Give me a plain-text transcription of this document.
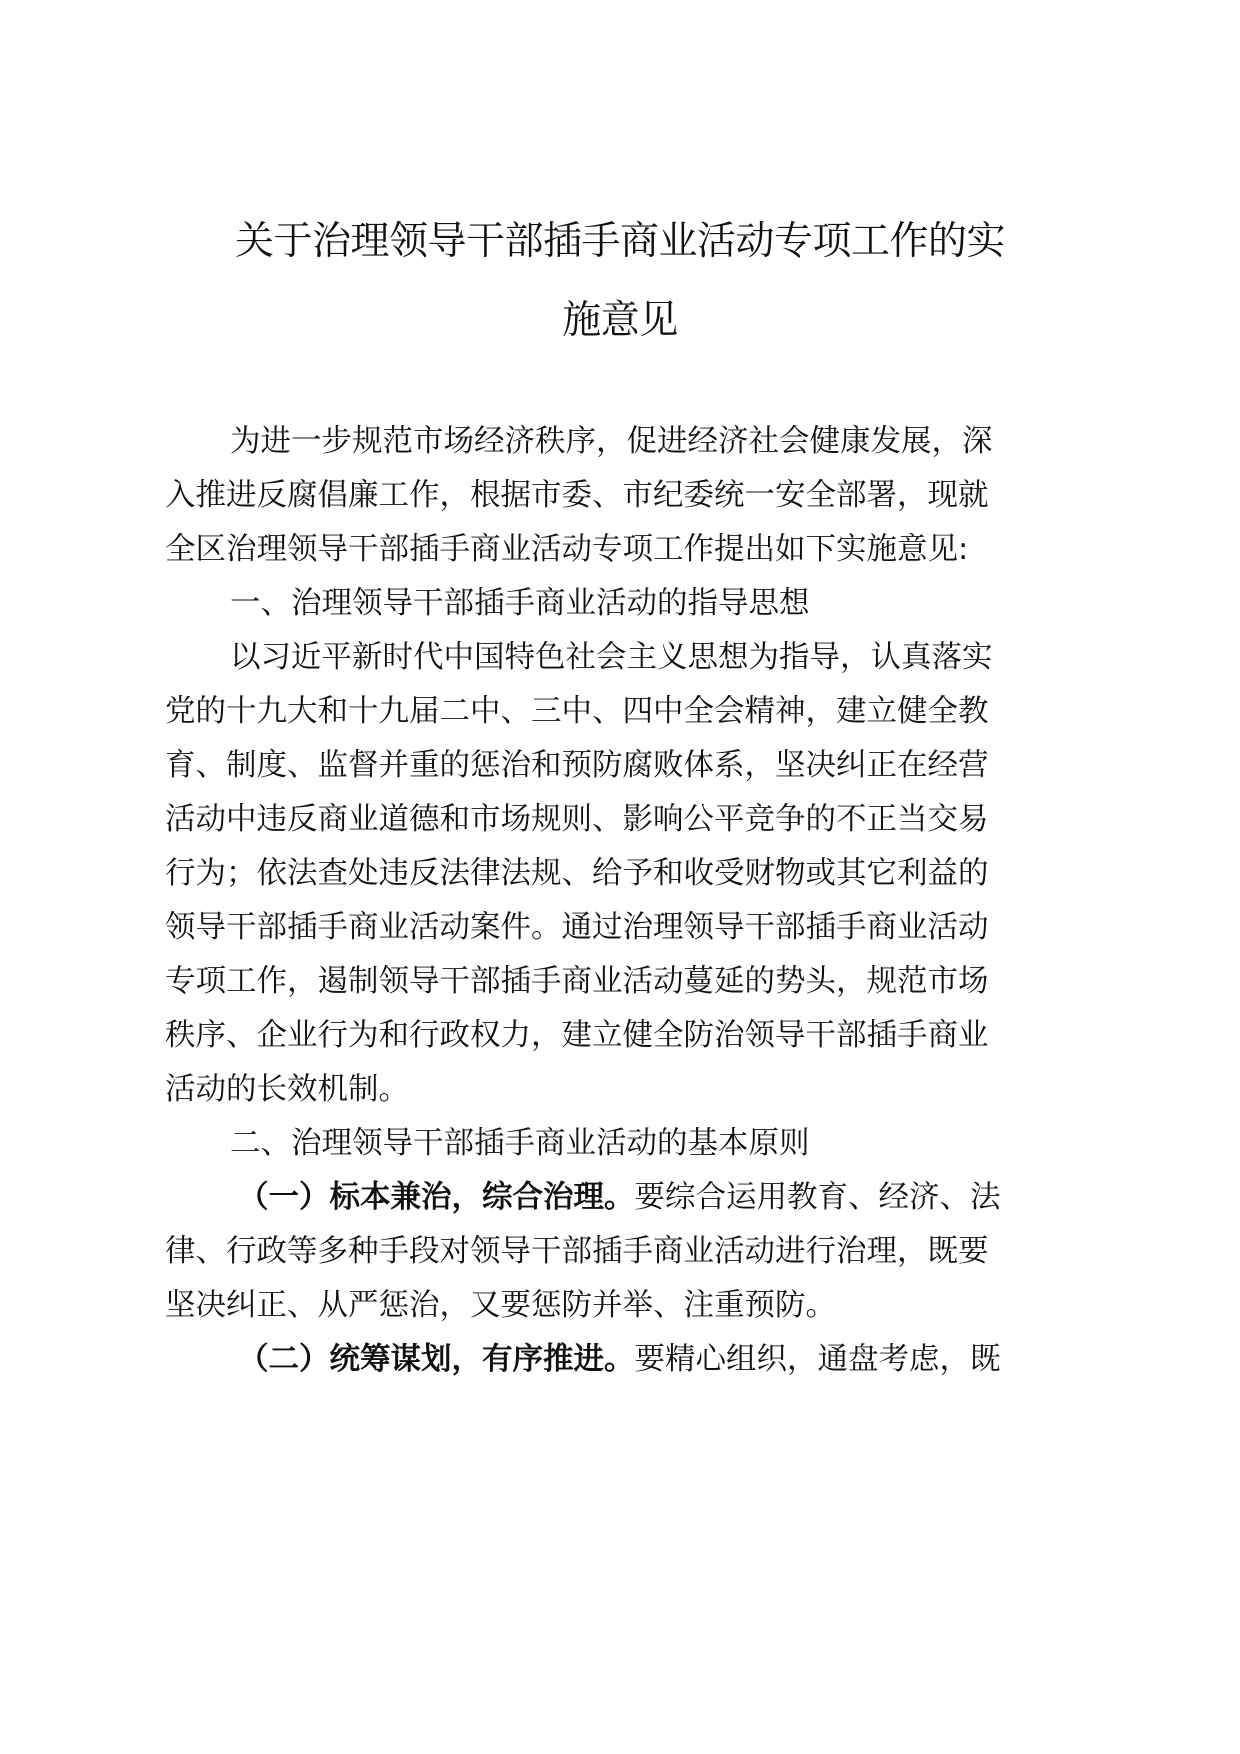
关于治理领导干部插手商业活动专项工作的实
施意见
为进一步规范市场经济秩序，促进经济社会健康发展，深
入推进反腐倡廉工作，根据市委、市纪委统一安全部署，现就
全区治理领导干部插手商业活动专项工作提出如下实施意见:
一、治理领导干部插手商业活动的指导思想
以习近平新时代中国特色社会主义思想为指导，认真落实
党的十九大和十九届二中、三中、四中全会精神，建立健全教
育、制度、监督并重的惩治和预防腐败体系，坚决纠正在经营
活动中违反商业道德和市场规则、影响公平竞争的不正当交易
行为；依法查处违反法律法规、给予和收受财物或其它利益的
领导干部插手商业活动案件。通过治理领导干部插手商业活动
专项工作，遏制领导干部插手商业活动蔓延的势头，规范市场
秩序、企业行为和行政权力，建立健全防治领导干部插手商业
活动的长效机制。
二、治理领导干部插手商业活动的基本原则
（一）标本兼治，综合治理。要综合运用教育、经济、法
律、行政等多种手段对领导干部插手商业活动进行治理，既要
坚决纠正、从严惩治，又要惩防并举、注重预防。
（二）统筹谋划，有序推进。要精心组织，通盘考虑，既
